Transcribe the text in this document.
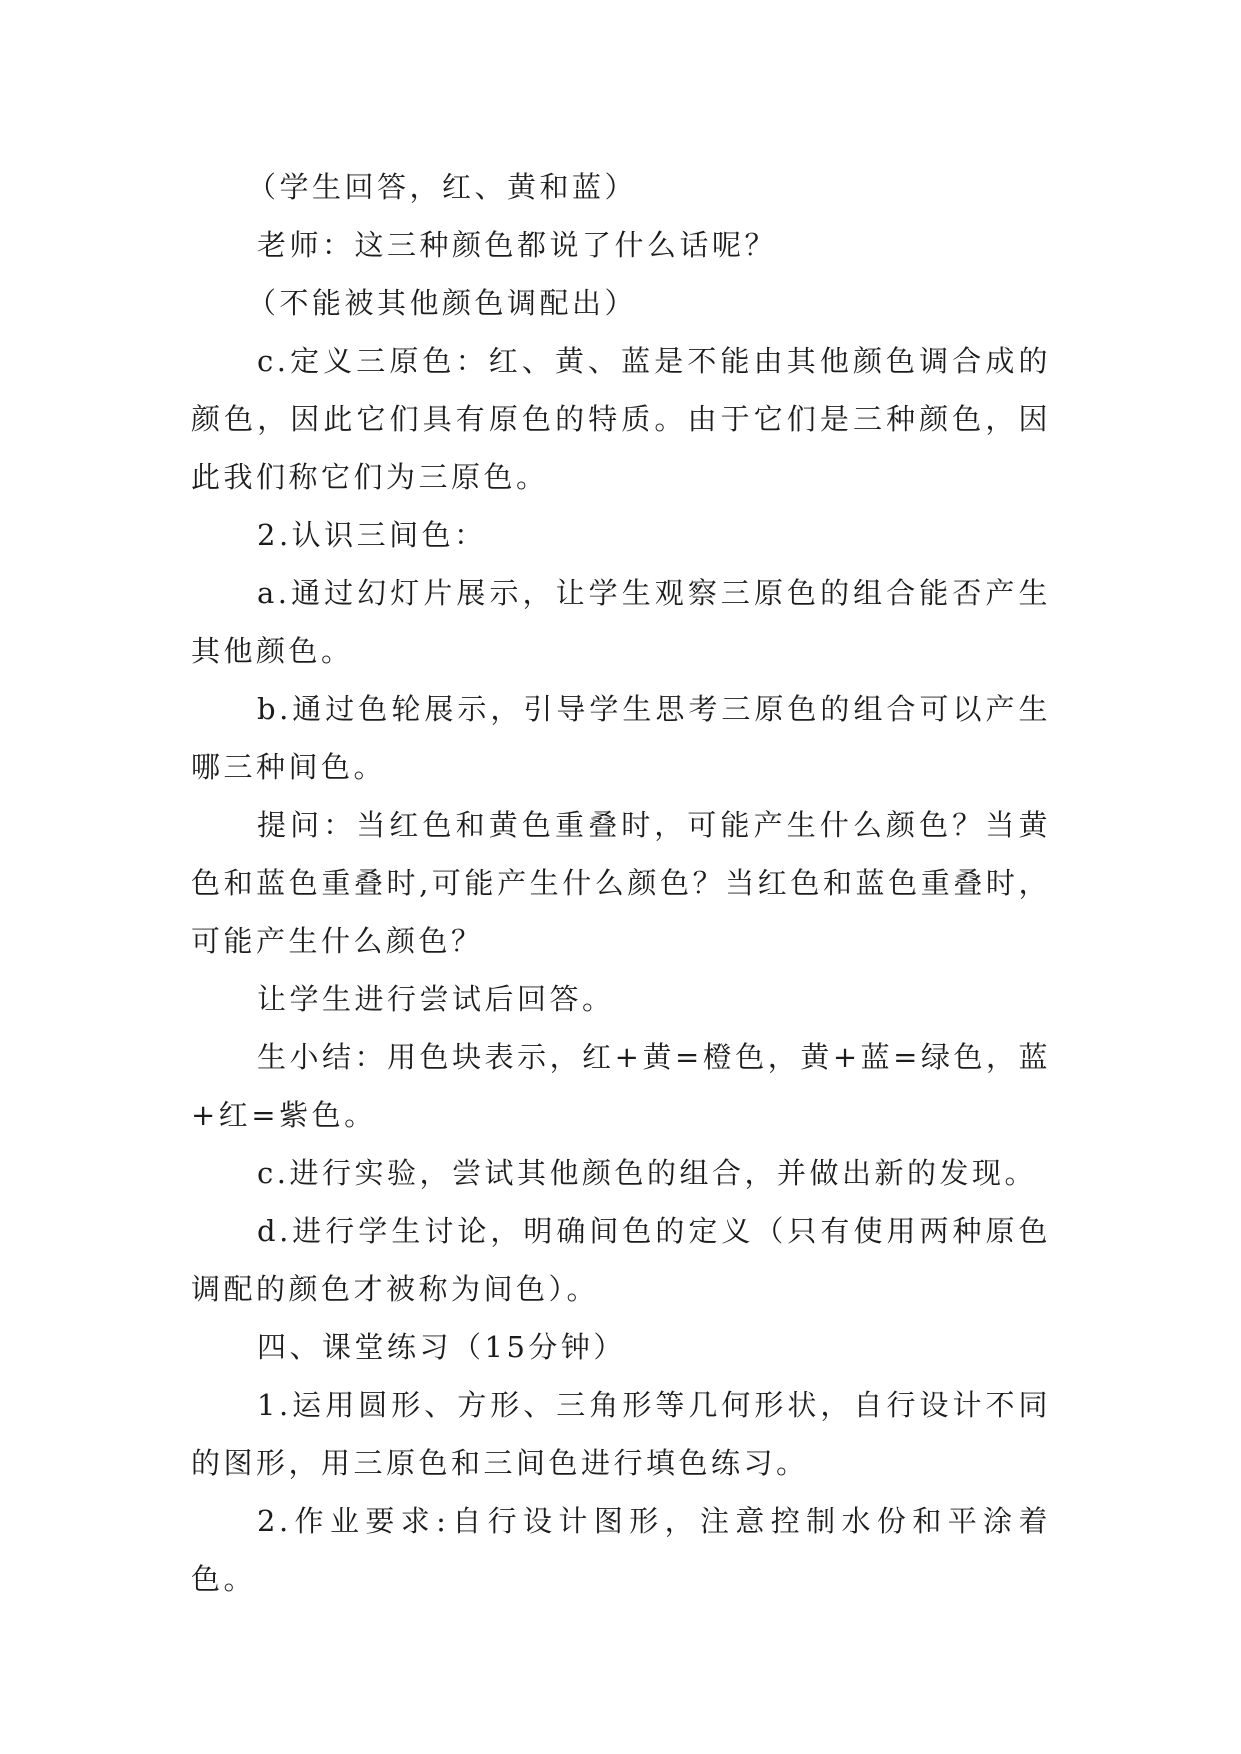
（学生回答，红、黄和蓝）

老师：这三种颜色都说了什么话呢？

（不能被其他颜色调配出）

c.定义三原色：红、黄、蓝是不能由其他颜色调合成的颜色，因此它们具有原色的特质。由于它们是三种颜色，因此我们称它们为三原色。

2.认识三间色：

a.通过幻灯片展示，让学生观察三原色的组合能否产生其他颜色。

b.通过色轮展示，引导学生思考三原色的组合可以产生哪三种间色。

提问：当红色和黄色重叠时，可能产生什么颜色？当黄色和蓝色重叠时,可能产生什么颜色？当红色和蓝色重叠时，可能产生什么颜色？

让学生进行尝试后回答。

生小结：用色块表示，红+黄=橙色，黄+蓝=绿色，蓝+红=紫色。

c.进行实验，尝试其他颜色的组合，并做出新的发现。

d.进行学生讨论，明确间色的定义（只有使用两种原色调配的颜色才被称为间色）。

四、课堂练习（15分钟）

1.运用圆形、方形、三角形等几何形状，自行设计不同的图形，用三原色和三间色进行填色练习。

2.作业要求:自行设计图形，注意控制水份和平涂着色。
